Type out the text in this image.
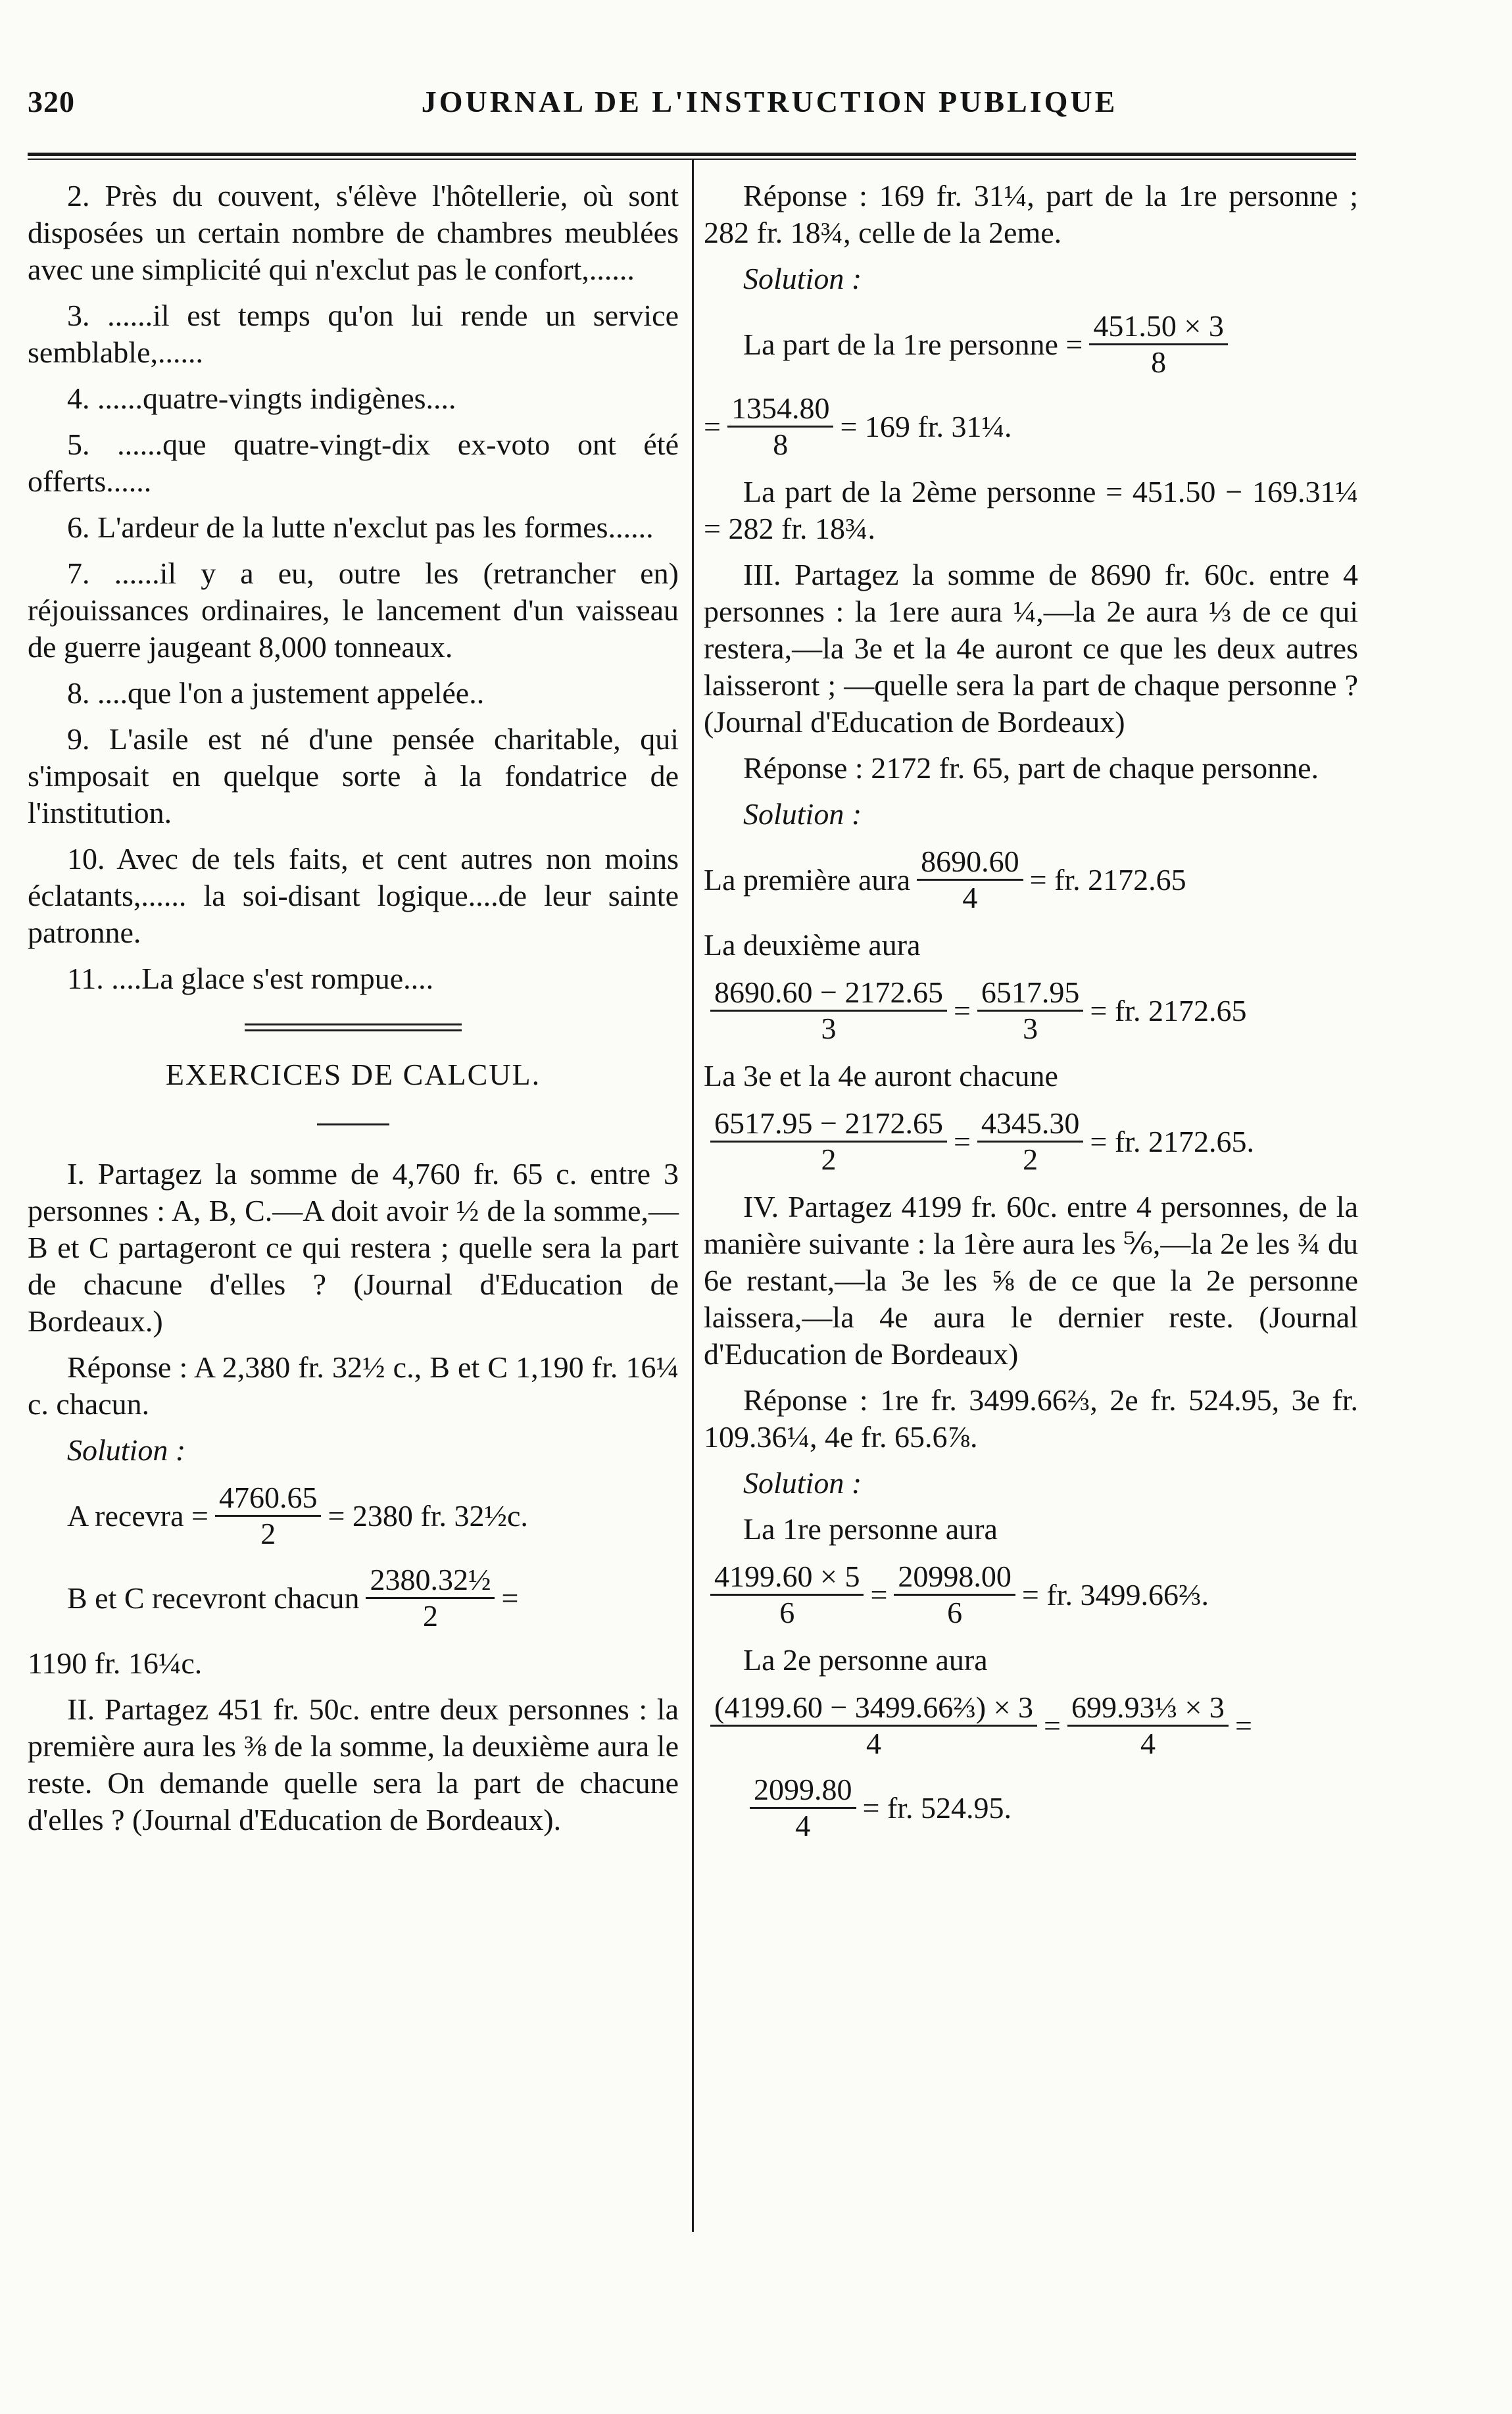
320	JOURNAL DE L'INSTRUCTION PUBLIQUE

2. Près du couvent, s'élève l'hôtellerie, où sont disposées un certain nombre de chambres meublées avec une simplicité qui n'exclut pas le confort,......

3. ......il est temps qu'on lui rende un service semblable,......

4. ......quatre-vingts indigènes....

5. ......que quatre-vingt-dix ex-voto ont été offerts......

6. L'ardeur de la lutte n'exclut pas les formes......

7. ......il y a eu, outre les (retrancher en) réjouissances ordinaires, le lancement d'un vaisseau de guerre jaugeant 8,000 tonneaux.

8. ....que l'on a justement appelée..

9. L'asile est né d'une pensée charitable, qui s'imposait en quelque sorte à la fondatrice de l'institution.

10. Avec de tels faits, et cent autres non moins éclatants,...... la soi-disant logique....de leur sainte patronne.

11. ....La glace s'est rompue....

EXERCICES DE CALCUL.

I. Partagez la somme de 4,760 fr. 65 c. entre 3 personnes : A, B, C.—A doit avoir ½ de la somme,—B et C partageront ce qui restera ; quelle sera la part de chacune d'elles ? (Journal d'Education de Bordeaux.)

Réponse : A 2,380 fr. 32½ c., B et C 1,190 fr. 16¼ c. chacun.

Solution :

A recevra = $\frac{4760.65}{2} = 2380$ fr. 32½c.
B et C recevront chacun $\frac{\text{2380.32½}}{2}$ =

1190 fr. 16¼c.

II. Partagez 451 fr. 50c. entre deux personnes : la première aura les ⅜ de la somme, la deuxième aura le reste. On demande quelle sera la part de chacune d'elles ? (Journal d'Education de Bordeaux).

Réponse : 169 fr. 31¼, part de la 1re personne ; 282 fr. 18¾, celle de la 2eme.

Solution :

La part de la 1re personne = $\frac{451.50 \times 3}{8}$
= $\frac{1354.80}{8} = 169$ fr. 31¼.

La part de la 2ème personne = 451.50 − 169.31¼ = 282 fr. 18¾.

III. Partagez la somme de 8690 fr. 60c. entre 4 personnes : la 1ere aura ¼,—la 2e aura ⅓ de ce qui restera,—la 3e et la 4e auront ce que les deux autres laisseront ; —quelle sera la part de chaque personne ? (Journal d'Education de Bordeaux)

Réponse : 2172 fr. 65, part de chaque personne.

Solution :

La première aura $\frac{8690.60}{4}$ = fr. 2172.65

La deuxième aura

$\frac{8690.60 - 2172.65}{3} = \frac{6517.95}{3}$ = fr. 2172.65

La 3e et la 4e auront chacune

$\frac{6517.95 - 2172.65}{2} = \frac{4345.30}{2}$ = fr. 2172.65.

IV. Partagez 4199 fr. 60c. entre 4 personnes, de la manière suivante : la 1ère aura les ⅚,—la 2e les ¾ du 6e restant,—la 3e les ⅝ de ce que la 2e personne laissera,—la 4e aura le dernier reste. (Journal d'Education de Bordeaux)

Réponse : 1re fr. 3499.66⅔, 2e fr. 524.95, 3e fr. 109.36¼, 4e fr. 65.6⅞.

Solution :

La 1re personne aura

$\frac{4199.60 \times 5}{6} = \frac{20998.00}{6}$ = fr. 3499.66⅔.

La 2e personne aura

$\frac{\text{(4199.60 − 3499.66⅔) × 3}}{4} = \frac{\text{699.93⅓ × 3}}{4}$ =
$\frac{2099.80}{4}$ = fr. 524.95.
